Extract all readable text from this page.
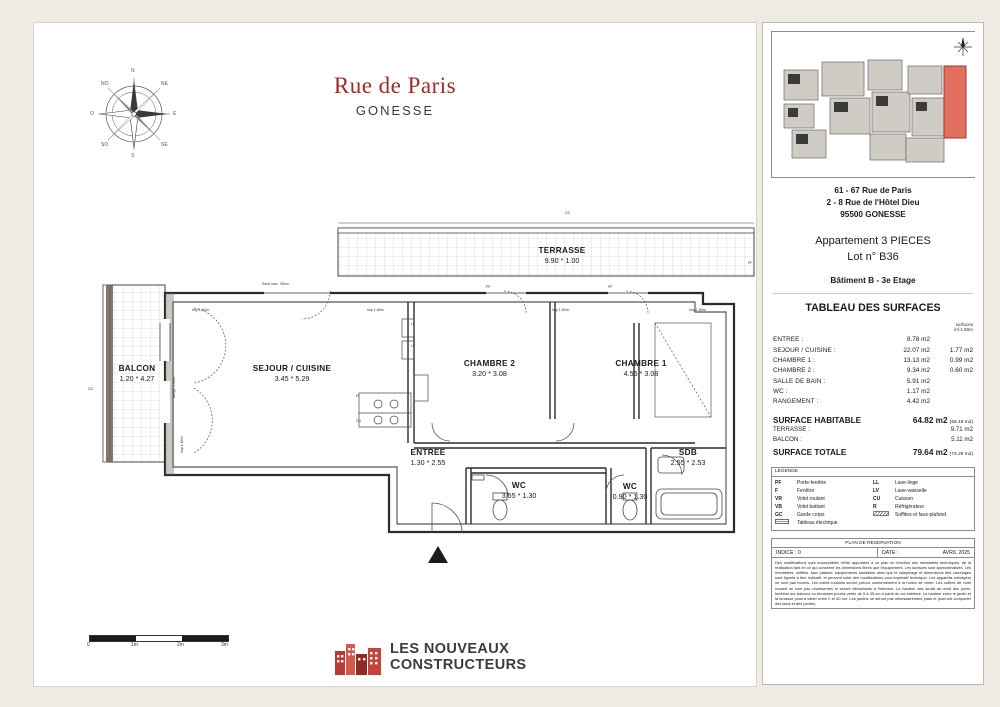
N
S
E
O
NE
NO
SE
SO
Rue de Paris
GONESSE
TERRASSE
9.90 * 1.00
BALCON
1.20 * 4.27
SEJOUR / CUISINE
3.45 * 5.29
CHAMBRE 2
3.20 * 3.08
CHAMBRE 1
4.55 * 3.08
ENTREE
1.30 * 2.55
WC
3.55 * 1.30
WC
0.90 * 1.30
SDB
2.55 * 2.53
GC
PF
GC
Seuil max. 25cm
hsp 1.80m	hsp 1.80m	hsp 1.80m	hsp 1.80m
hsp 1.80m
Allège 1.05m
PF	PF
LL
LV
R
CU
0	1m	2m	3m	LES NOUVEAUX
CONSTRUCTEURS
61 - 67 Rue de Paris
2 - 8 Rue de l'Hôtel Dieu
95500 GONESSE
Appartement 3 PIECES
Lot n° B36
Bâtiment B - 3e Etage
TABLEAU DES SURFACES
surfaces
inf.1.80m
ENTREE :	8.78 m2
SEJOUR / CUISINE :	22.07 m2	1.77 m2
CHAMBRE 1 :	13.13 m2	0.99 m2
CHAMBRE 2 :	9.34 m2	0.60 m2
SALLE DE BAIN :	5.91 m2
WC :	1.17 m2
RANGEMENT :	4.42 m2
SURFACE HABITABLE	64.82 m2 (68.18 m2)
TERRASSE :	9.71 m2
BALCON :	5.11 m2
SURFACE TOTALE	79.64 m2 (73.29 m2)
LEGENDE
PF	Porte-fenêtre
F	Fenêtre
VR	Volet roulant
VB	Volet battant
GC	Garde corps
Tableau électrique
LL	Lave-linge
LV	Lave-vaisselle
CU	Cuisson
R	Réfrigérateur
Soffites et faux-plafond
PLAN DE RESERVATION
INDICE : 0	DATE :	AVRIL 2025
Des modifications sont susceptibles d'être apportées à ce plan en fonction des nécessités techniques, de la réalisation tant en ce qui concerne les dimensions libres que l'équipement. Les surfaces sont approximatives. Les retombées, soffites, faux plafond, équipements sanitaires ainsi que le calepinage et dimensions des carrelages sont figurés à titre indicatif, et peuvent subir des modifications pour impératif technique. Les appareils ménagers ne sont pas fournis. Les volets roulants seront prévus conformément à la notice de vente. Les coffres de volet roulant ne sont pas représentés et seront débordants à l'intérieur. La hauteur des seuils au droit des porte-fenêtres sur balcons ou terrasses pourra varier de 5 à 35 cm à partir du sol intérieur. La hauteur entre le jardin et la terrasse pourra varier entre 0 et 60 cm. Les jardins ne seront pas nécessairement plats et pourront comporter des talus et des pentes.
